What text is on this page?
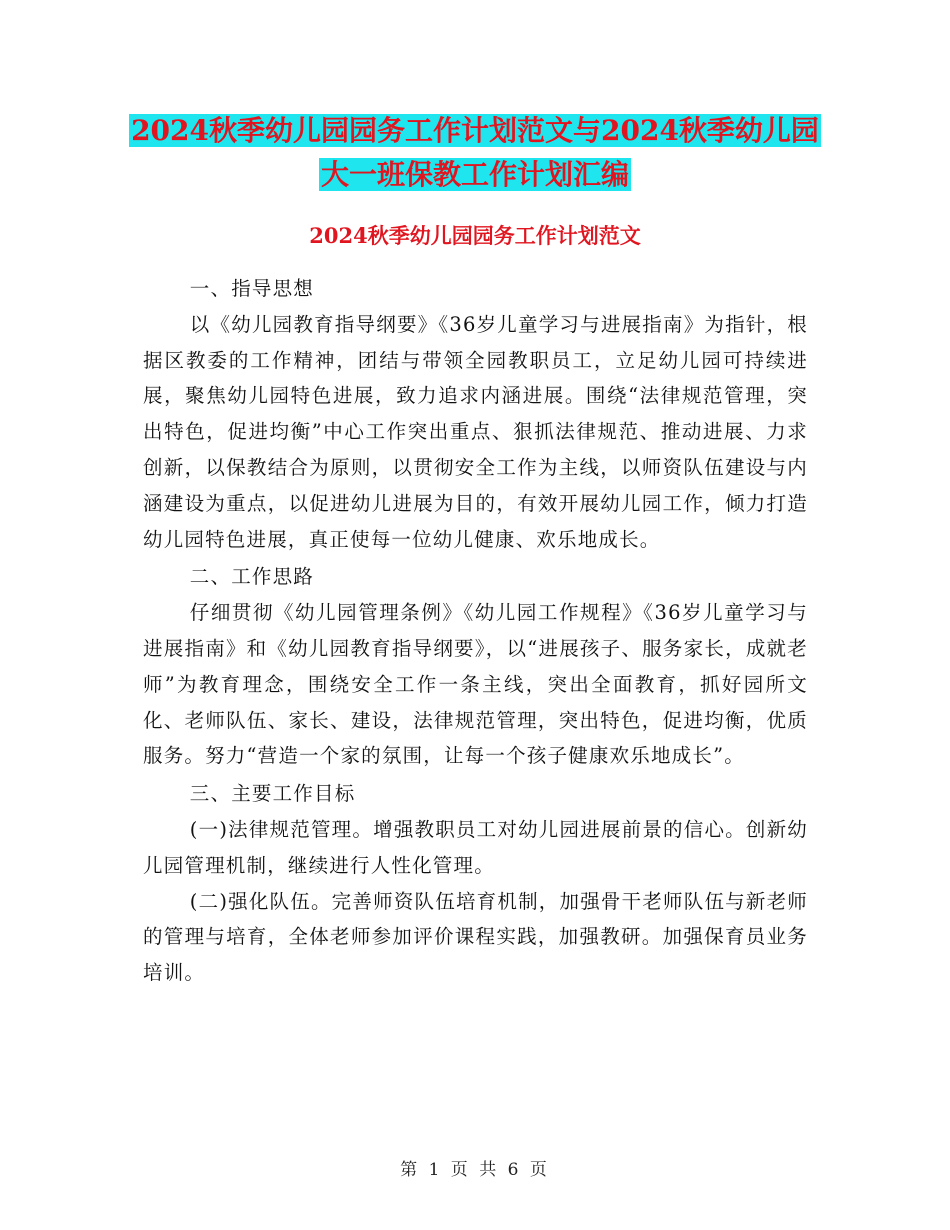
2024秋季幼儿园园务工作计划范文与2024秋季幼儿园
大一班保教工作计划汇编
2024秋季幼儿园园务工作计划范文

一、指导思想

以《幼儿园教育指导纲要》《36岁儿童学习与进展指南》为指针，根据区教委的工作精神，团结与带领全园教职员工，立足幼儿园可持续进展，聚焦幼儿园特色进展，致力追求内涵进展。围绕“法律规范管理，突出特色，促进均衡”中心工作突出重点、狠抓法律规范、推动进展、力求创新，以保教结合为原则，以贯彻安全工作为主线，以师资队伍建设与内涵建设为重点，以促进幼儿进展为目的，有效开展幼儿园工作，倾力打造幼儿园特色进展，真正使每一位幼儿健康、欢乐地成长。

二、工作思路

仔细贯彻《幼儿园管理条例》《幼儿园工作规程》《36岁儿童学习与进展指南》和《幼儿园教育指导纲要》，以“进展孩子、服务家长，成就老师”为教育理念，围绕安全工作一条主线，突出全面教育，抓好园所文化、老师队伍、家长、建设，法律规范管理，突出特色，促进均衡，优质服务。努力“营造一个家的氛围，让每一个孩子健康欢乐地成长”。

三、主要工作目标

(一)法律规范管理。增强教职员工对幼儿园进展前景的信心。创新幼儿园管理机制，继续进行人性化管理。

(二)强化队伍。完善师资队伍培育机制，加强骨干老师队伍与新老师的管理与培育，全体老师参加评价课程实践，加强教研。加强保育员业务培训。

第 1 页 共 6 页
